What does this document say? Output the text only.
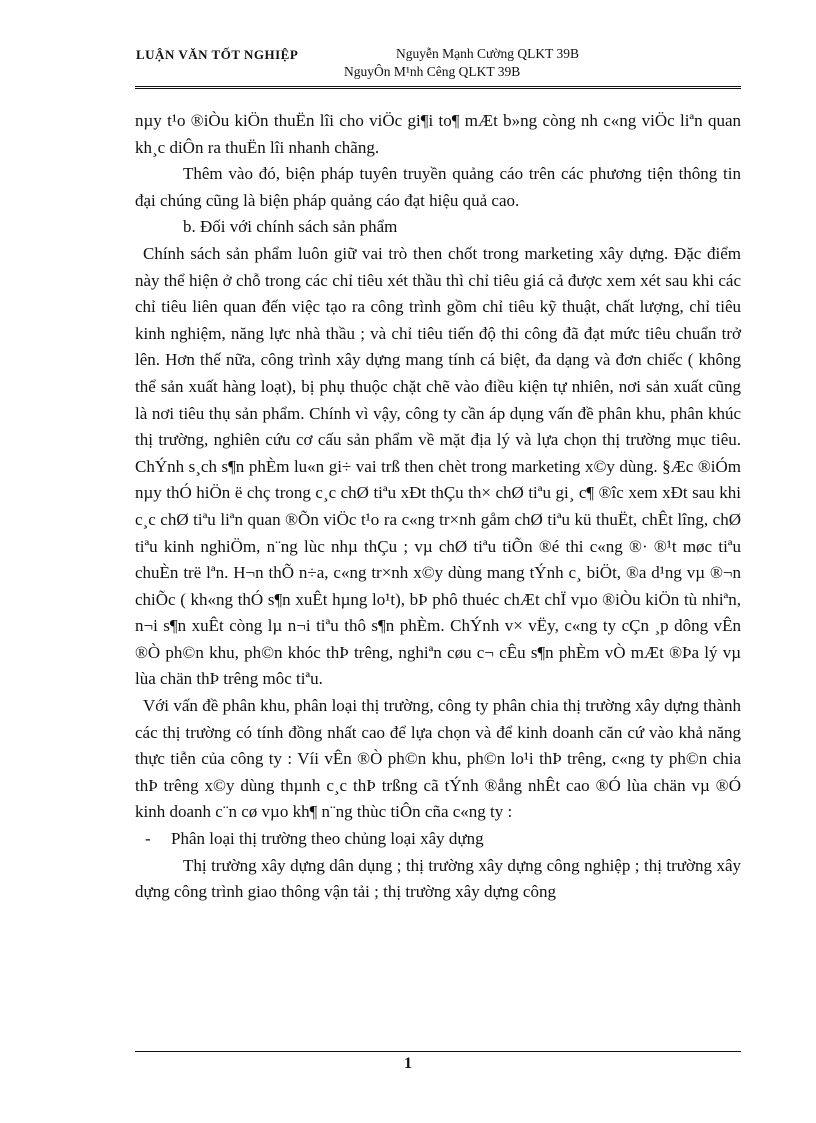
LUẬN VĂN TỐT NGHIỆP	Nguyễn Mạnh Cường QLKT 39B
NguyÔn M¹nh Cêng QLKT 39B

nµy t¹o ®iÒu kiÖn thuËn lîi cho viÖc gi¶i to¶ mÆt b»ng còng nh c«ng viÖc liªn quan kh¸c diÔn ra thuËn lîi nhanh chãng.

Thêm vào đó, biện pháp tuyên truyền quảng cáo trên các phương tiện thông tin đại chúng cũng là biện pháp quảng cáo đạt hiệu quả cao.

b. Đối với chính sách sản phẩm

Chính sách sản phẩm luôn giữ vai trò then chốt trong marketing xây dựng. Đặc điểm này thể hiện ở chỗ trong các chỉ tiêu xét thầu thì chỉ tiêu giá cả được xem xét sau khi các chỉ tiêu liên quan đến việc tạo ra công trình gồm chỉ tiêu kỹ thuật, chất lượng, chỉ tiêu kinh nghiệm, năng lực nhà thầu ; và chỉ tiêu tiến độ thi công đã đạt mức tiêu chuẩn trở lên. Hơn thế nữa, công trình xây dựng mang tính cá biệt, đa dạng và đơn chiếc ( không thể sản xuất hàng loạt), bị phụ thuộc chặt chẽ vào điều kiện tự nhiên, nơi sản xuất cũng là nơi tiêu thụ sản phẩm. Chính vì vậy, công ty cần áp dụng vấn đề phân khu, phân khúc thị trường, nghiên cứu cơ cấu sản phẩm về mặt địa lý và lựa chọn thị trường mục tiêu. ChÝnh s¸ch s¶n phÈm lu«n gi÷ vai trß then chèt trong marketing x©y dùng. §Æc ®iÓm nµy thÓ hiÖn ë chç trong c¸c chØ tiªu xÐt thÇu th× chØ tiªu gi¸ c¶ ®îc xem xÐt sau khi c¸c chØ tiªu liªn quan ®Õn viÖc t¹o ra c«ng tr×nh gåm chØ tiªu kü thuËt, chÊt lîng, chØ tiªu kinh nghiÖm, n¨ng lùc nhµ thÇu ; vµ chØ tiªu tiÕn ®é thi c«ng ®· ®¹t møc tiªu chuÈn trë lªn. H¬n thÕ n÷a, c«ng tr×nh x©y dùng mang tÝnh c¸ biÖt, ®a d¹ng vµ ®¬n chiÕc ( kh«ng thÓ s¶n xuÊt hµng lo¹t), bÞ phô thuéc chÆt chÏ vµo ®iÒu kiÖn tù nhiªn, n¬i s¶n xuÊt còng lµ n¬i tiªu thô s¶n phÈm. ChÝnh v× vËy, c«ng ty cÇn ¸p dông vÊn ®Ò ph©n khu, ph©n khóc thÞ trêng, nghiªn cøu c¬ cÊu s¶n phÈm vÒ mÆt ®Þa lý vµ lùa chän thÞ trêng môc tiªu.

Với vấn đề phân khu, phân loại thị trường, công ty phân chia thị trường xây dựng thành các thị trường có tính đồng nhất cao để lựa chọn và để kinh doanh căn cứ vào khả năng thực tiễn của công ty : Víi vÊn ®Ò ph©n khu, ph©n lo¹i thÞ trêng, c«ng ty ph©n chia thÞ trêng x©y dùng thµnh c¸c thÞ trßng cã tÝnh ®ång nhÊt cao ®Ó lùa chän vµ ®Ó kinh doanh c¨n cø vµo kh¶ n¨ng thùc tiÔn cña c«ng ty :

-	Phân loại thị trường theo chủng loại xây dựng

Thị trường xây dựng dân dụng ; thị trường xây dựng công nghiệp ; thị trường xây dựng công trình giao thông vận tải ; thị trường xây dựng công

1
